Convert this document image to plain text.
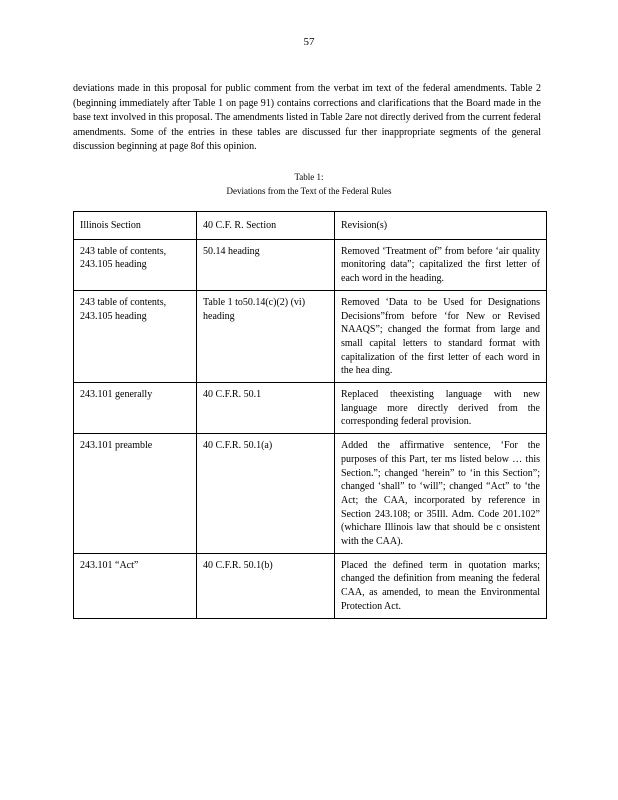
57

deviations made in this proposal for public comment from the verbat im text of the federal amendments. Table 2 (beginning immediately after Table 1 on page 91) contains corrections and clarifications that the Board made in the base text involved in this proposal. The amendments listed in Table 2are not directly derived from the current federal amendments. Some of the entries in these tables are discussed fur ther inappropriate segments of the general discussion beginning at page 8of this opinion.

Table 1:
Deviations from the Text of the Federal Rules
Illinois Section	40 C.F. R. Section	Revision(s)
243 table of contents, 243.105 heading	50.14 heading	Removed ‘Treatment of” from before ‘air quality monitoring data”; capitalized the first letter of each word in the heading.
243 table of contents, 243.105 heading	Table 1 to50.14(c)(2) (vi) heading	Removed ‘Data to be Used for Designations Decisions”from before ‘for New or Revised NAAQS”; changed the format from large and small capital letters to standard format with capitalization of the first letter of each word in the hea ding.
243.101 generally	40 C.F.R. 50.1	Replaced theexisting language with new language more directly derived from the corresponding federal provision.
243.101 preamble	40 C.F.R. 50.1(a)	Added the affirmative sentence, ‘For the purposes of this Part, ter ms listed below … this Section.”; changed ‘herein” to ‘in this Section”; changed ‘shall” to ‘will”; changed “Act” to ‘the Act; the CAA, incorporated by reference in Section 243.108; or 35Ill. Adm. Code 201.102” (whichare Illinois law that should be c onsistent with the CAA).
243.101 “Act”	40 C.F.R. 50.1(b)	Placed the defined term in quotation marks; changed the definition from meaning the federal CAA, as amended, to mean the Environmental Protection Act.
